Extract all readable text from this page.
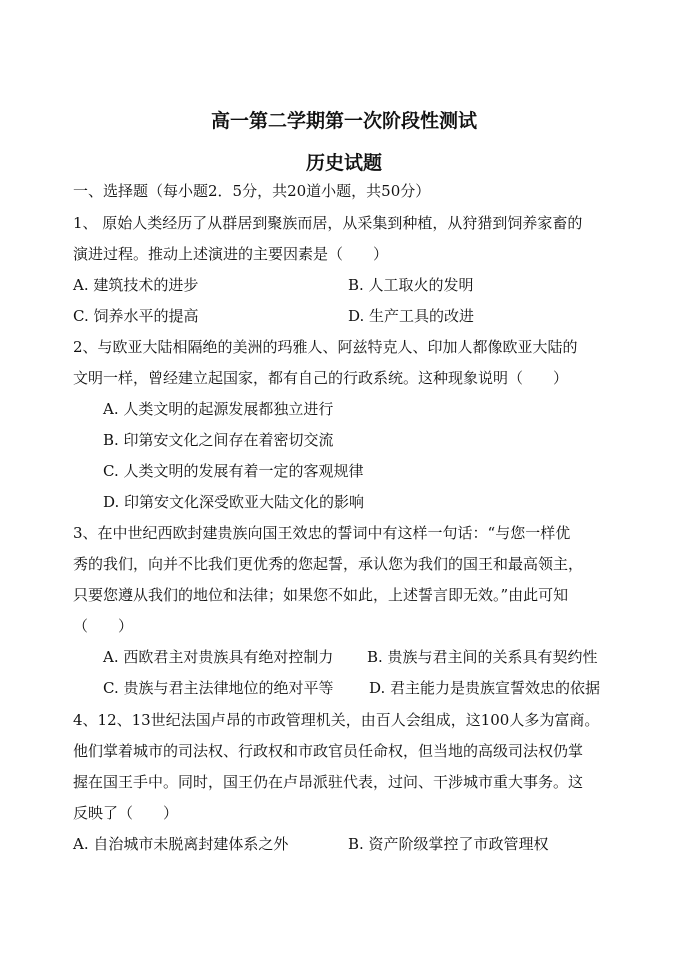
高一第二学期第一次阶段性测试
历史试题
一、选择题（每小题2．5分，共20道小题，共50分）
1、 原始人类经历了从群居到聚族而居，从采集到种植，从狩猎到饲养家畜的
演进过程。推动上述演进的主要因素是（　　）
A. 建筑技术的进步	B. 人工取火的发明
C. 饲养水平的提高	D. 生产工具的改进
2、与欧亚大陆相隔绝的美洲的玛雅人、阿兹特克人、印加人都像欧亚大陆的
文明一样，曾经建立起国家，都有自己的行政系统。这种现象说明（　　）
A. 人类文明的起源发展都独立进行
B. 印第安文化之间存在着密切交流
C. 人类文明的发展有着一定的客观规律
D. 印第安文化深受欧亚大陆文化的影响
3、在中世纪西欧封建贵族向国王效忠的誓词中有这样一句话：“与您一样优
秀的我们，向并不比我们更优秀的您起誓，承认您为我们的国王和最高领主，
只要您遵从我们的地位和法律；如果您不如此，上述誓言即无效。”由此可知
（　　）
A. 西欧君主对贵族具有绝对控制力 B. 贵族与君主间的关系具有契约性
C. 贵族与君主法律地位的绝对平等 D. 君主能力是贵族宣誓效忠的依据
4、12、13世纪法国卢昂的市政管理机关，由百人会组成，这100人多为富商。
他们掌着城市的司法权、行政权和市政官员任命权，但当地的高级司法权仍掌
握在国王手中。同时，国王仍在卢昂派驻代表，过问、干涉城市重大事务。这
反映了（　　）
A. 自治城市未脱离封建体系之外	B. 资产阶级掌控了市政管理权
